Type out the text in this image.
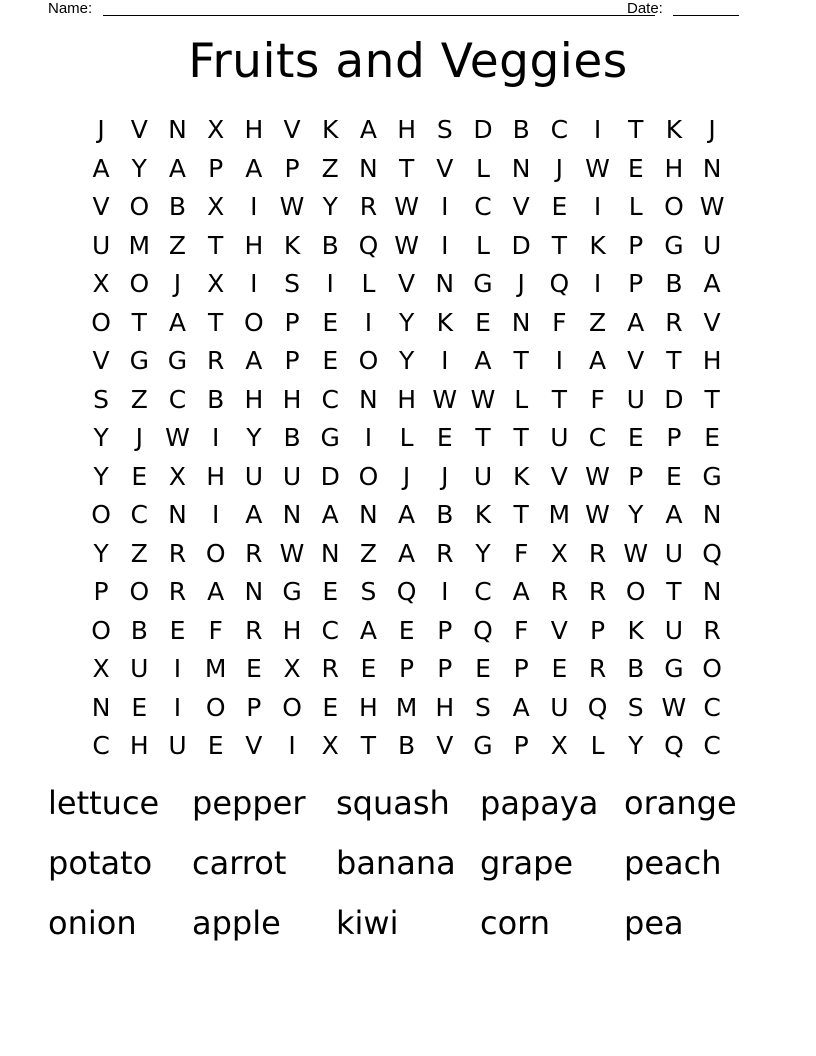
Name:	Date:
Fruits and Veggies
J	V N X H V K A H S D B C	I	T K	J
A Y A P A P Z N T V L N	J W E H N
V O B X	I W Y R W I	C V E	I	L O W
U M Z T H K B Q W I	L D T K P G U
X O J	X	I	S	I	L V N G J Q I	P B A
O T A T O P E	I	Y K E N F Z A R V
V G G R A P E O Y	I	A T	I	A V T H
S Z C B H H C N H W W L T F U D T
Y	J W I	Y B G I	L E T T U C E P E
Y E X H U U D O J	J	U K V W P E G
O C N	I	A N A N A B K T M W Y A N
Y Z R O R W N Z A R Y F X R W U Q
P O R A N G E S Q I	C A R R O T N
O B E F R H C A E P Q F V P K U R
X U	I M E X R E P P E P E R B G O
N E	I O P O E H M H S A U Q S W C
C H U E V	I	X T B V G P X L Y Q C
lettuce	pepper squash papaya orange
potato	carrot	banana grape	peach
onion	apple	kiwi	corn	pea
